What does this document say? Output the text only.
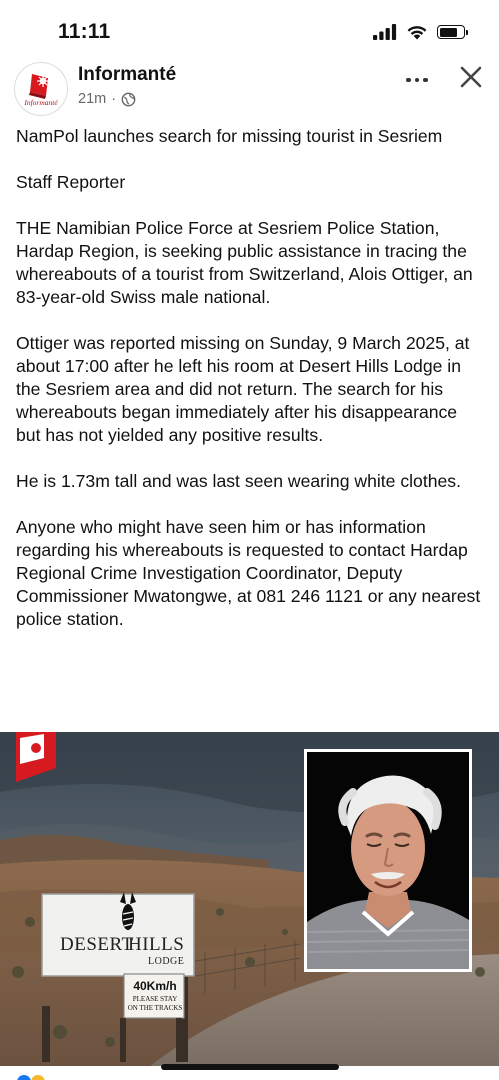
11:11
Informanté
Informanté
21m ·

NamPol launches search for missing tourist in Sesriem

Staff Reporter

THE Namibian Police Force at Sesriem Police Station, Hardap Region, is seeking public assistance in tracing the whereabouts of a tourist from Switzerland, Alois Ottiger, an 83-year-old Swiss male national.

Ottiger was reported missing on Sunday, 9 March 2025, at about 17:00 after he left his room at Desert Hills Lodge in the Sesriem area and did not return. The search for his whereabouts began immediately after his disappearance but has not yielded any positive results.

He is 1.73m tall and was last seen wearing white clothes.

Anyone who might have seen him or has information regarding his whereabouts is requested to contact Hardap Regional Crime Investigation Coordinator, Deputy Commissioner Mwatongwe, at 081 246 1121 or any nearest police station.

DESERT
HILLS
LODGE
40Km/h
PLEASE STAY
ON THE TRACKS
